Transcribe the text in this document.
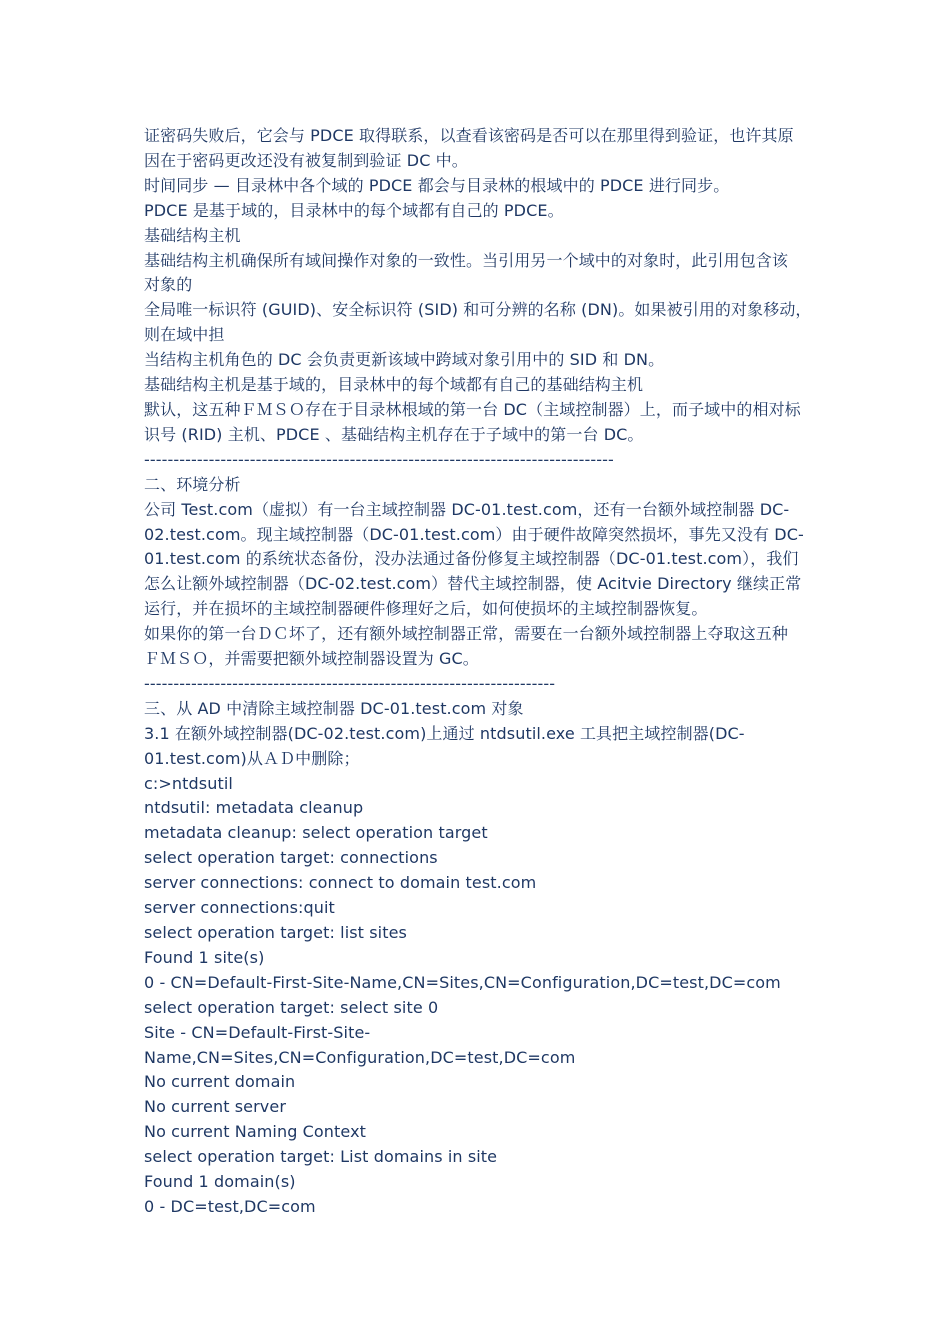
证密码失败后，它会与 PDCE 取得联系，以查看该密码是否可以在那里得到验证，也许其原
因在于密码更改还没有被复制到验证 DC 中。
时间同步 — 目录林中各个域的 PDCE 都会与目录林的根域中的 PDCE 进行同步。
PDCE 是基于域的，目录林中的每个域都有自己的 PDCE。
基础结构主机
基础结构主机确保所有域间操作对象的一致性。当引用另一个域中的对象时，此引用包含该
对象的
全局唯一标识符 (GUID)、安全标识符 (SID) 和可分辨的名称 (DN)。如果被引用的对象移动，
则在域中担
当结构主机角色的 DC 会负责更新该域中跨域对象引用中的 SID 和 DN。
基础结构主机是基于域的，目录林中的每个域都有自己的基础结构主机
默认，这五种ＦＭＳＯ存在于目录林根域的第一台 DC（主域控制器）上，而子域中的相对标
识号 (RID) 主机、PDCE 、基础结构主机存在于子域中的第一台 DC。
--------------------------------------------------------------------------------
二、环境分析
公司 Test.com（虚拟）有一台主域控制器 DC-01.test.com，还有一台额外域控制器 DC-
02.test.com。现主域控制器（DC-01.test.com）由于硬件故障突然损坏，事先又没有 DC-
01.test.com 的系统状态备份，没办法通过备份修复主域控制器（DC-01.test.com），我们
怎么让额外域控制器（DC-02.test.com）替代主域控制器，使 Acitvie Directory 继续正常
运行，并在损坏的主域控制器硬件修理好之后，如何使损坏的主域控制器恢复。
如果你的第一台ＤＣ坏了，还有额外域控制器正常，需要在一台额外域控制器上夺取这五种
ＦＭＳＯ，并需要把额外域控制器设置为 GC。
----------------------------------------------------------------------
三、从 AD 中清除主域控制器 DC-01.test.com 对象
3.1 在额外域控制器(DC-02.test.com)上通过 ntdsutil.exe 工具把主域控制器(DC-
01.test.com)从ＡＤ中删除；
c:>ntdsutil
ntdsutil: metadata cleanup
metadata cleanup: select operation target
select operation target: connections
server connections: connect to domain test.com
server connections:quit
select operation target: list sites
Found 1 site(s)
0 - CN=Default-First-Site-Name,CN=Sites,CN=Configuration,DC=test,DC=com
select operation target: select site 0
Site - CN=Default-First-Site-
Name,CN=Sites,CN=Configuration,DC=test,DC=com
No current domain
No current server
No current Naming Context
select operation target: List domains in site
Found 1 domain(s)
0 - DC=test,DC=com
